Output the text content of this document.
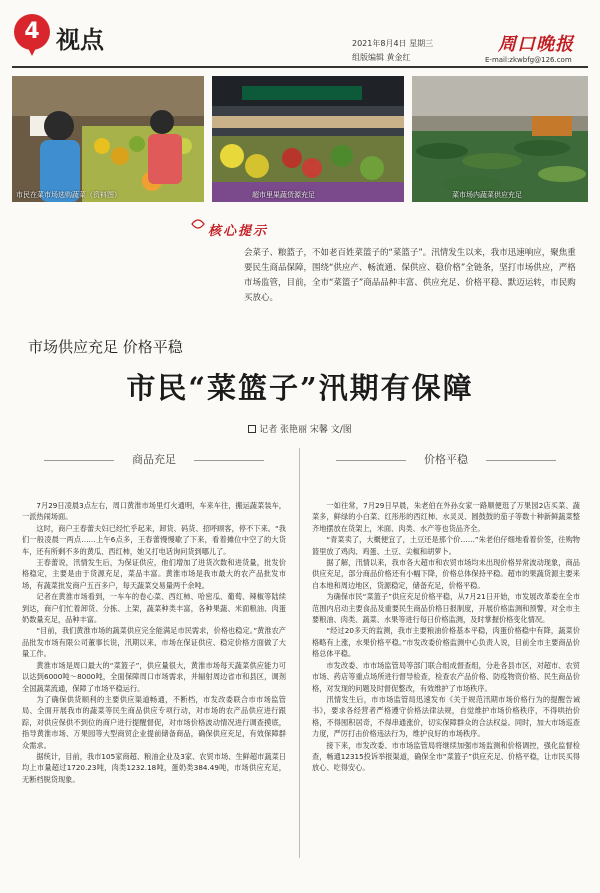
4 视点	2021年8月4日 星期三
组版编辑 黄金红
周口晚报
E-mail:zkwbfg@126.com
市民在菜市场选购蔬菜（资料图）	超市里果蔬货源充足	菜市场内蔬菜供应充足
核心提示
会菜子、粮篮子，不如老百姓菜篮子的“菜篮子”。汛情发生以来，我市迅速响应，聚焦重要民生商品保障，围绕“供应产、畅流通、保供应、稳价格”全链条，坚打市场供应，严格市场监管，目前，全市“菜篮子”商品品种丰富、供应充足、价格平稳、默迈运转，市民购买放心。
市场供应充足 价格平稳
市民“菜篮子”汛期有保障
记者 张艳丽 宋馨 文/图
商品充足

7月29日凌晨3点左右，周口黄淮市场里灯火通明，车来车往，搬运蔬菜装车，一派热闹场面。

这时，商户王春蕾夫妇已经忙乎起来，卸货、码货、招呼顾客，停不下来。“我们一般凌晨一两点……上午6点多，王春蕾慢慢歇了下来，看着摊位中空了的大货车，还有所剩不多的黄瓜、西红柿，她又打电话询问货到哪儿了。

王春蕾说，汛情发生后，为保证供应，他们增加了进货次数和进货量，批发价格稳定，主要是由于货源充足，菜品丰富。黄淮市场是我市最大的农产品批发市场，有蔬菜批发商户五百多户，每天蔬菜交易量两千余吨。

记者在黄淮市场看到，一车车的卷心菜、西红柿、哈密瓜、葡萄、辣椒等陆续到达，商户们忙着卸货、分拣、上架，蔬菜种类丰富，各种果蔬、米面粮油、肉蛋奶数量充足，品种丰富。

“目前，我们黄淮市场的蔬菜供应完全能满足市民需求，价格也稳定。”黄淮农产品批发市场有限公司董事长说，汛期以来，市场在保证供应、稳定价格方面做了大量工作。

黄淮市场是周口最大的“菜篮子”，供应量很大，黄淮市场每天蔬菜供应能力可以达到6000吨～8000吨，全面保障周口市场需求，并辐射周边省市和县区，调剂全国蔬菜流通，保障了市场平稳运行。

为了确保供货顺利的主要供应渠道畅通，不断档，市发改委联合市市场监管局、全面开展我市的蔬菜等民生商品供应专项行动，对市场的农产品供应进行跟踪，对供应保供不到位的商户进行提醒督促，对市场价格波动情况进行调查摸底，指导黄淮市场、万果园等大型商贸企业提前储备商品，确保供应充足，有效保障群众需求。

据统计，目前，我市105家商超、粮油企业及3家、农贸市场、生鲜超市蔬菜日均上市量超过1720.23吨，肉类1232.18吨，蛋奶类384.49吨，市场供应充足，无断档脱货现象。

价格平稳

一如往常，7月29日早晨，朱老伯在外孙女家一路顺便逛了万果园2店买菜、蔬菜多，鲜绿的小白菜、红彤彤的西红柿、水灵灵、圆鼓鼓的茄子等数十种新鲜蔬菜整齐地摆放在货架上，米面、肉类、水产等也货品齐全。

“青菜卖了，大概便宜了，土豆还是那个价……”朱老伯仔细地看着价签，往购物篮里放了鸡肉、鸡蛋、土豆、尖椒和胡萝卜。

据了解，汛情以来，我市各大超市和农贸市场均未出现价格异常波动现象，商品供应充足，部分商品价格还有小幅下降，价格总体保持平稳。超市的果蔬货源主要来自本地和周边地区，货源稳定，储备充足，价格平稳。

为确保市民“菜篮子”供应充足价格平稳，从7月21日开始，市发展改革委在全市范围内启动主要食品及重要民生商品价格日报制度，开展价格监测和预警，对全市主要粮油、肉类、蔬菜、水果等进行每日价格监测，及时掌握价格变化情况。

“经过20多天的监测，我市主要粮油价格基本平稳，肉蛋价格稳中有降，蔬菜价格略有上涨，水果价格平稳。”市发改委价格监测中心负责人说，目前全市主要商品价格总体平稳。

市发改委、市市场监管局等部门联合组成督查组，分赴各县市区，对超市、农贸市场、药店等重点场所进行督导检查，检查农产品价格、防疫物资价格、民生商品价格，对发现的问题及时督促整改，有效维护了市场秩序。

汛情发生后，市市场监管局迅速发布《关于规范汛期市场价格行为的提醒告诫书》，要求各经营者严格遵守价格法律法规，自觉维护市场价格秩序，不得哄抬价格，不得囤积居奇，不得串通涨价，切实保障群众的合法权益。同时，加大市场巡查力度，严厉打击价格违法行为，维护良好的市场秩序。

接下来，市发改委、市市场监管局将继续加强市场监测和价格调控，强化监督检查，畅通12315投诉举报渠道，确保全市“菜篮子”供应充足、价格平稳，让市民买得放心、吃得安心。
